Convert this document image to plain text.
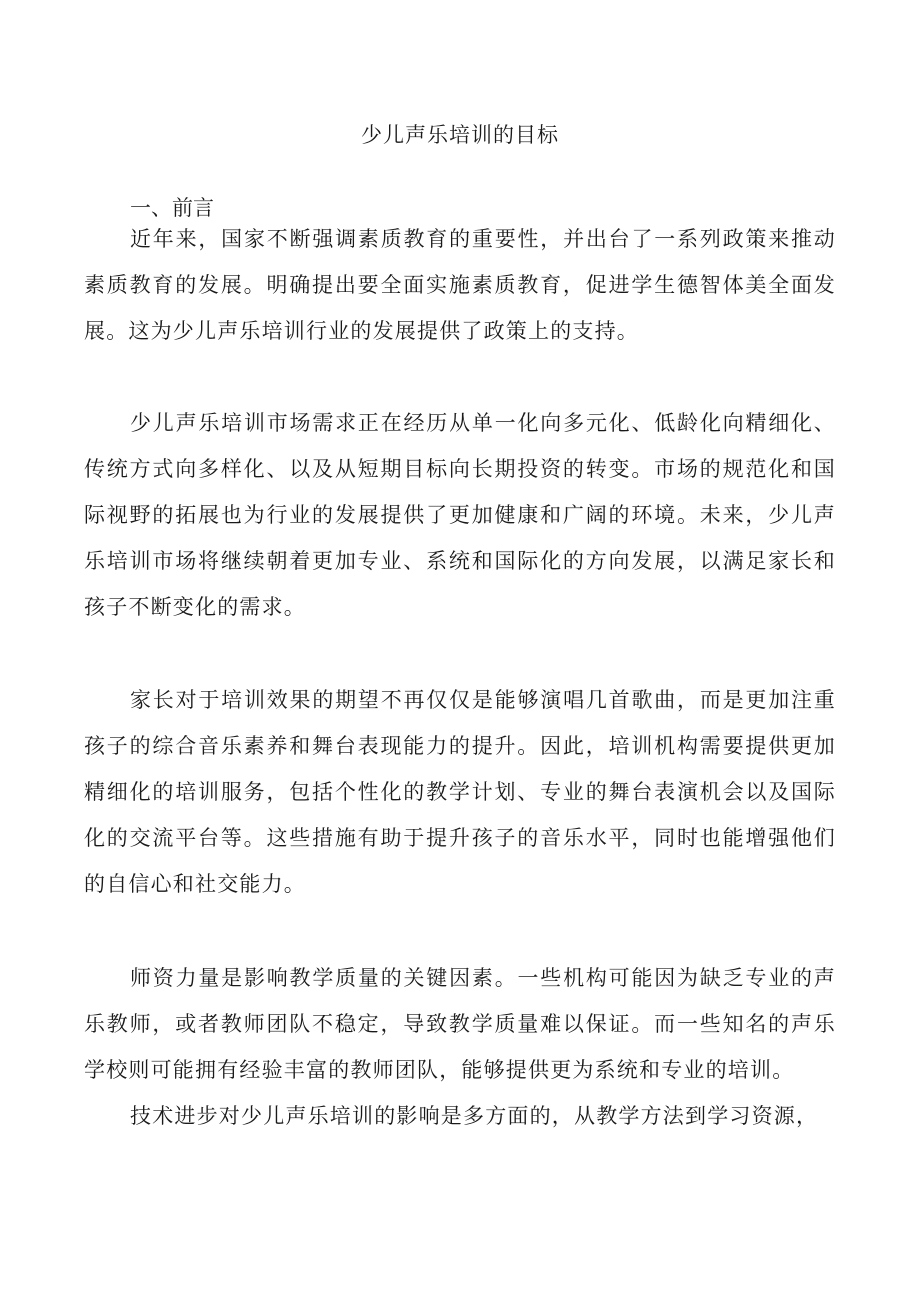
少儿声乐培训的目标
一、前言

近年来，国家不断强调素质教育的重要性，并出台了一系列政策来推动素质教育的发展。明确提出要全面实施素质教育，促进学生德智体美全面发展。这为少儿声乐培训行业的发展提供了政策上的支持。

少儿声乐培训市场需求正在经历从单一化向多元化、低龄化向精细化、传统方式向多样化、以及从短期目标向长期投资的转变。市场的规范化和国际视野的拓展也为行业的发展提供了更加健康和广阔的环境。未来，少儿声乐培训市场将继续朝着更加专业、系统和国际化的方向发展，以满足家长和孩子不断变化的需求。

家长对于培训效果的期望不再仅仅是能够演唱几首歌曲，而是更加注重孩子的综合音乐素养和舞台表现能力的提升。因此，培训机构需要提供更加精细化的培训服务，包括个性化的教学计划、专业的舞台表演机会以及国际化的交流平台等。这些措施有助于提升孩子的音乐水平，同时也能增强他们的自信心和社交能力。

师资力量是影响教学质量的关键因素。一些机构可能因为缺乏专业的声乐教师，或者教师团队不稳定，导致教学质量难以保证。而一些知名的声乐学校则可能拥有经验丰富的教师团队，能够提供更为系统和专业的培训。

技术进步对少儿声乐培训的影响是多方面的，从教学方法到学习资源，
